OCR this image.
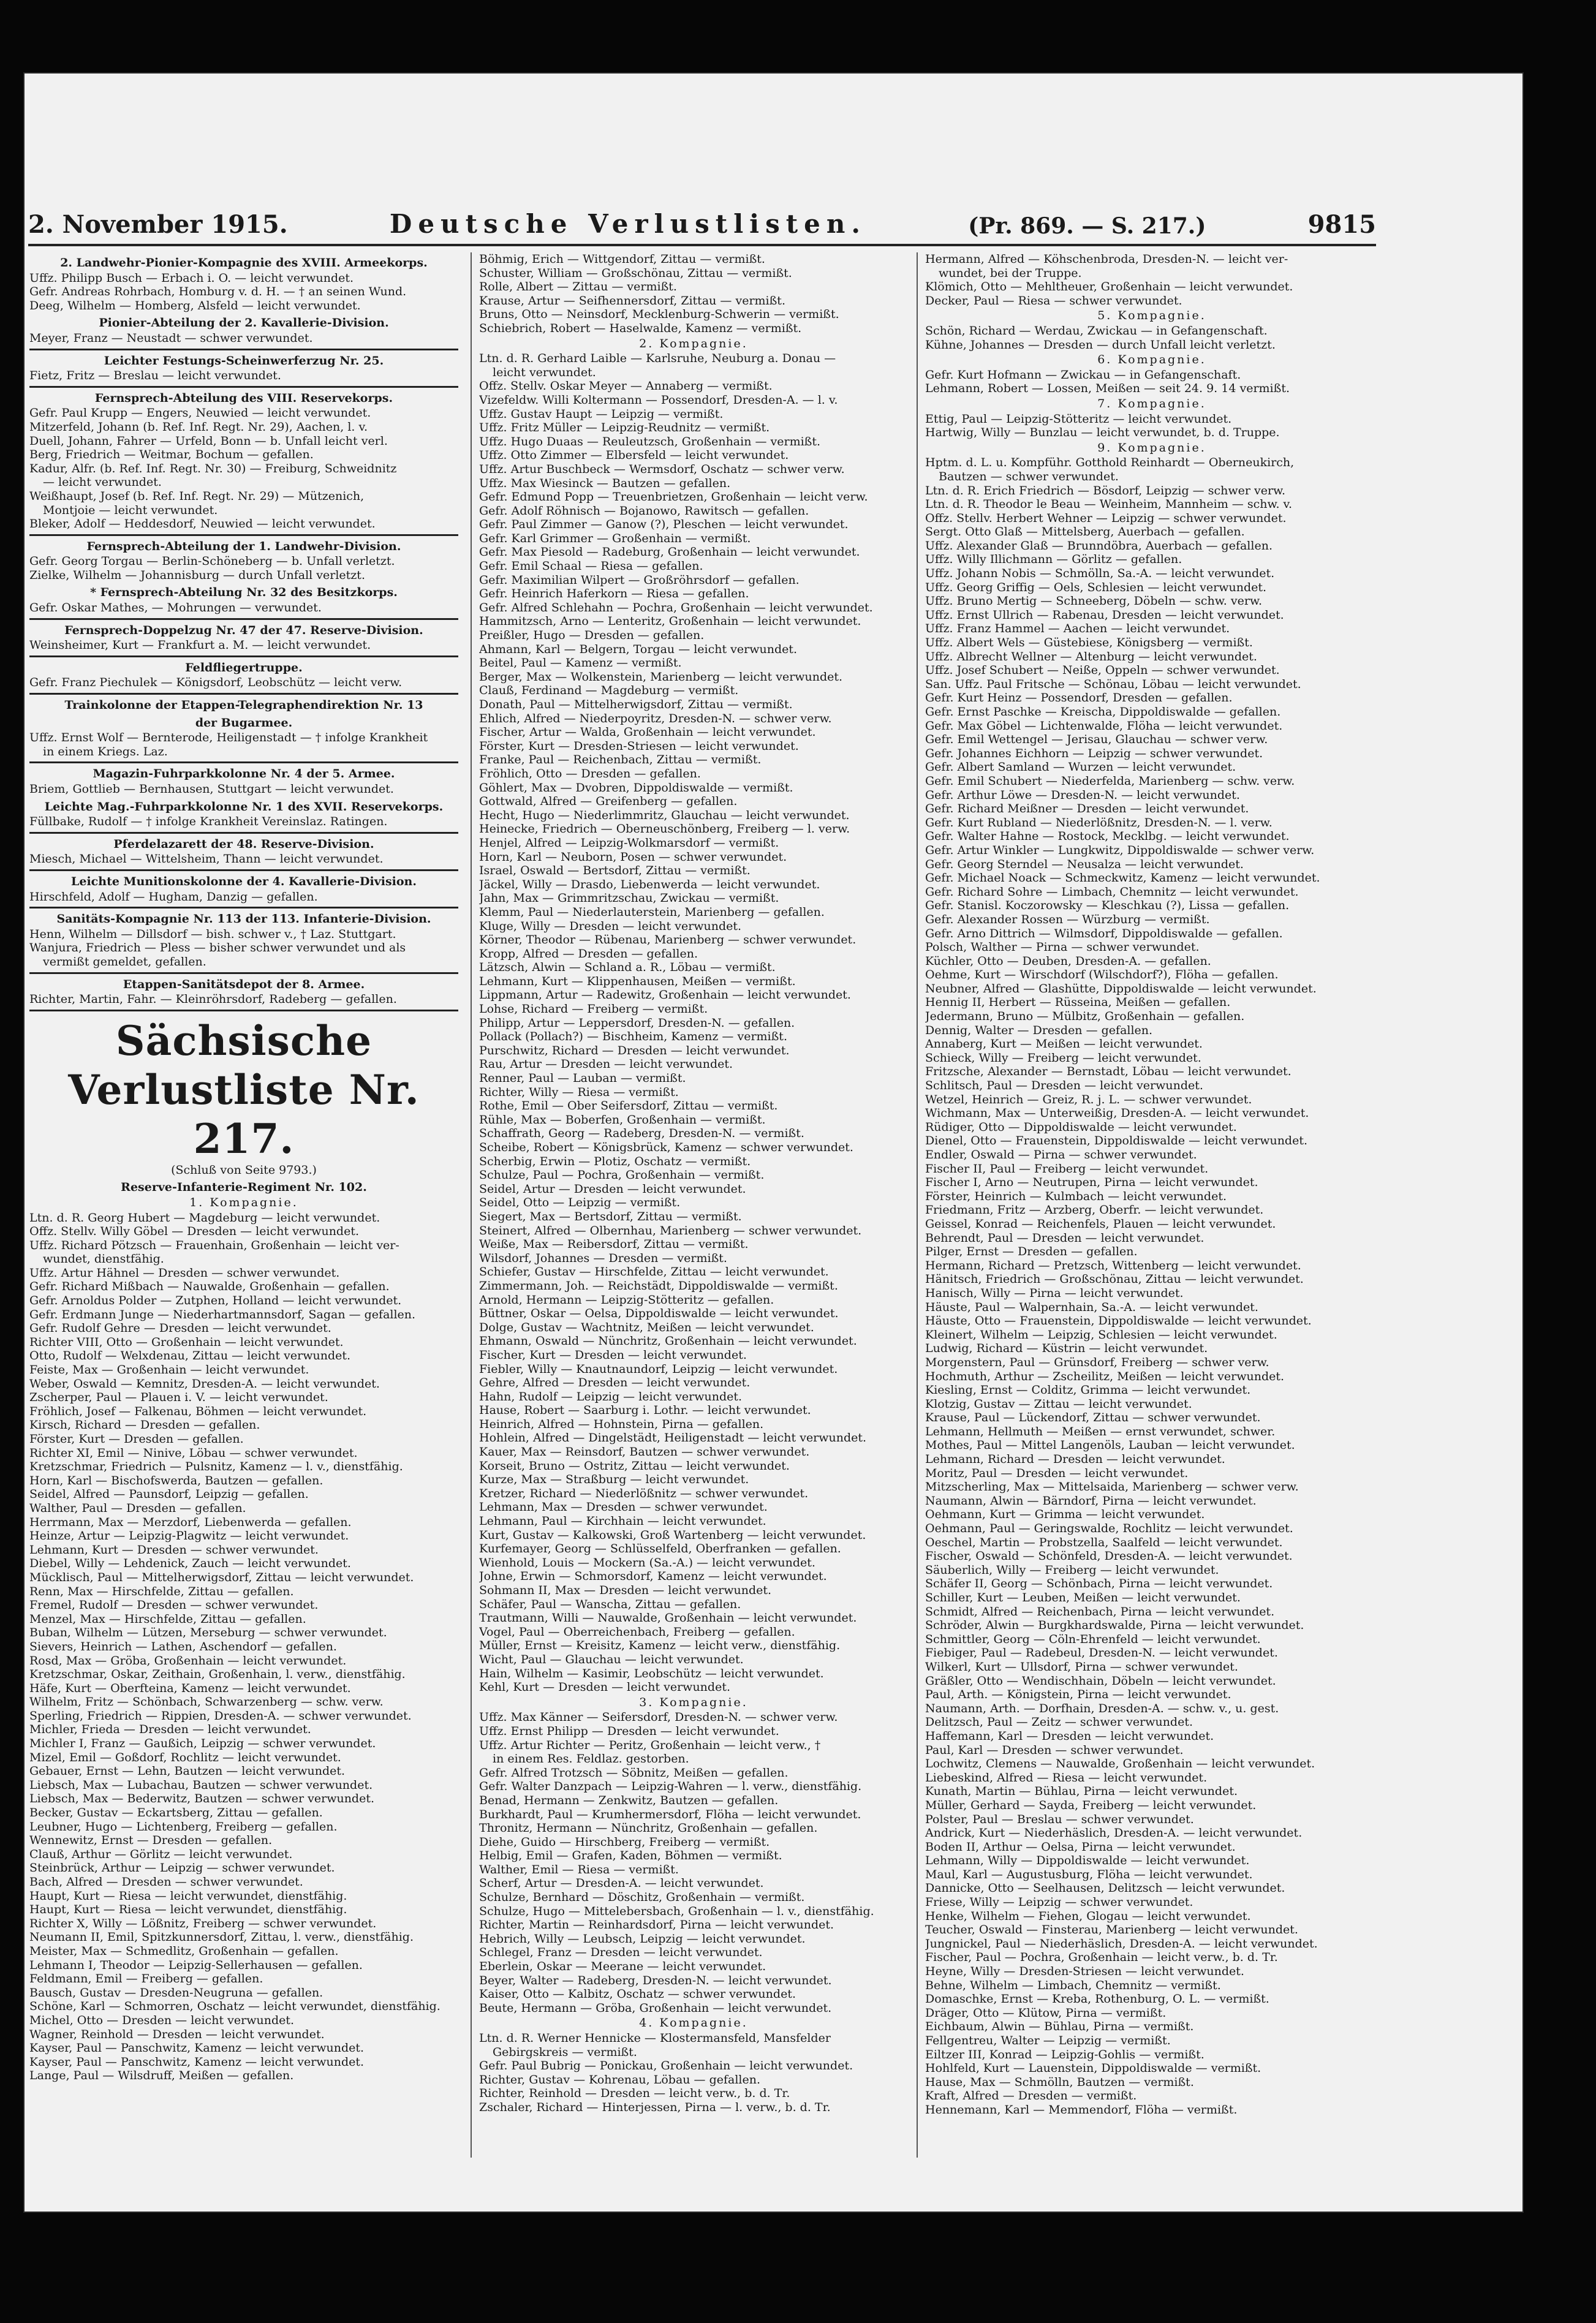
2. November 1915.	Deutsche Verlustlisten.	(Pr. 869. — S. 217.)	9815
2. Landwehr-Pionier-Kompagnie des XVIII. Armeekorps.
Uffz. Philipp Busch — Erbach i. O. — leicht verwundet.
Gefr. Andreas Rohrbach, Homburg v. d. H. — † an seinen Wund.
Deeg, Wilhelm — Homberg, Alsfeld — leicht verwundet.
Pionier-Abteilung der 2. Kavallerie-Division.
Meyer, Franz — Neustadt — schwer verwundet.
Leichter Festungs-Scheinwerferzug Nr. 25.
Fietz, Fritz — Breslau — leicht verwundet.
Fernsprech-Abteilung des VIII. Reservekorps.
Gefr. Paul Krupp — Engers, Neuwied — leicht verwundet.
Mitzerfeld, Johann (b. Ref. Inf. Regt. Nr. 29), Aachen, l. v.
Duell, Johann, Fahrer — Urfeld, Bonn — b. Unfall leicht verl.
Berg, Friedrich — Weitmar, Bochum — gefallen.
Kadur, Alfr. (b. Ref. Inf. Regt. Nr. 30) — Freiburg, Schweidnitz
— leicht verwundet.
Weißhaupt, Josef (b. Ref. Inf. Regt. Nr. 29) — Mützenich,
Montjoie — leicht verwundet.
Bleker, Adolf — Heddesdorf, Neuwied — leicht verwundet.
Fernsprech-Abteilung der 1. Landwehr-Division.
Gefr. Georg Torgau — Berlin-Schöneberg — b. Unfall verletzt.
Zielke, Wilhelm — Johannisburg — durch Unfall verletzt.
* Fernsprech-Abteilung Nr. 32 des Besitzkorps.
Gefr. Oskar Mathes, — Mohrungen — verwundet.
Fernsprech-Doppelzug Nr. 47 der 47. Reserve-Division.
Weinsheimer, Kurt — Frankfurt a. M. — leicht verwundet.
Feldfliegertruppe.
Gefr. Franz Piechulek — Königsdorf, Leobschütz — leicht verw.
Trainkolonne der Etappen-Telegraphendirektion Nr. 13
der Bugarmee.
Uffz. Ernst Wolf — Bernterode, Heiligenstadt — † infolge Krankheit
in einem Kriegs. Laz.
Magazin-Fuhrparkkolonne Nr. 4 der 5. Armee.
Briem, Gottlieb — Bernhausen, Stuttgart — leicht verwundet.
Leichte Mag.-Fuhrparkkolonne Nr. 1 des XVII. Reservekorps.
Füllbake, Rudolf — † infolge Krankheit Vereinslaz. Ratingen.
Pferdelazarett der 48. Reserve-Division.
Miesch, Michael — Wittelsheim, Thann — leicht verwundet.
Leichte Munitionskolonne der 4. Kavallerie-Division.
Hirschfeld, Adolf — Hugham, Danzig — gefallen.
Sanitäts-Kompagnie Nr. 113 der 113. Infanterie-Division.
Henn, Wilhelm — Dillsdorf — bish. schwer v., † Laz. Stuttgart.
Wanjura, Friedrich — Pless — bisher schwer verwundet und als
vermißt gemeldet, gefallen.
Etappen-Sanitätsdepot der 8. Armee.
Richter, Martin, Fahr. — Kleinröhrsdorf, Radeberg — gefallen.
Sächsische Verlustliste Nr. 217.
(Schluß von Seite 9793.)
Reserve-Infanterie-Regiment Nr. 102.
1. Kompagnie.
Ltn. d. R. Georg Hubert — Magdeburg — leicht verwundet.
Offz. Stellv. Willy Göbel — Dresden — leicht verwundet.
Uffz. Richard Pötzsch — Frauenhain, Großenhain — leicht ver-
wundet, dienstfähig.
Uffz. Artur Hähnel — Dresden — schwer verwundet.
Gefr. Richard Mißbach — Nauwalde, Großenhain — gefallen.
Gefr. Arnoldus Polder — Zutphen, Holland — leicht verwundet.
Gefr. Erdmann Junge — Niederhartmannsdorf, Sagan — gefallen.
Gefr. Rudolf Gehre — Dresden — leicht verwundet.
Richter VIII, Otto — Großenhain — leicht verwundet.
Otto, Rudolf — Welxdenau, Zittau — leicht verwundet.
Feiste, Max — Großenhain — leicht verwundet.
Weber, Oswald — Kemnitz, Dresden-A. — leicht verwundet.
Zscherper, Paul — Plauen i. V. — leicht verwundet.
Fröhlich, Josef — Falkenau, Böhmen — leicht verwundet.
Kirsch, Richard — Dresden — gefallen.
Förster, Kurt — Dresden — gefallen.
Richter XI, Emil — Ninive, Löbau — schwer verwundet.
Kretzschmar, Friedrich — Pulsnitz, Kamenz — l. v., dienstfähig.
Horn, Karl — Bischofswerda, Bautzen — gefallen.
Seidel, Alfred — Paunsdorf, Leipzig — gefallen.
Walther, Paul — Dresden — gefallen.
Herrmann, Max — Merzdorf, Liebenwerda — gefallen.
Heinze, Artur — Leipzig-Plagwitz — leicht verwundet.
Lehmann, Kurt — Dresden — schwer verwundet.
Diebel, Willy — Lehdenick, Zauch — leicht verwundet.
Mücklisch, Paul — Mittelherwigsdorf, Zittau — leicht verwundet.
Renn, Max — Hirschfelde, Zittau — gefallen.
Fremel, Rudolf — Dresden — schwer verwundet.
Menzel, Max — Hirschfelde, Zittau — gefallen.
Buban, Wilhelm — Lützen, Merseburg — schwer verwundet.
Sievers, Heinrich — Lathen, Aschendorf — gefallen.
Rosd, Max — Gröba, Großenhain — leicht verwundet.
Kretzschmar, Oskar, Zeithain, Großenhain, l. verw., dienstfähig.
Häfe, Kurt — Oberfteina, Kamenz — leicht verwundet.
Wilhelm, Fritz — Schönbach, Schwarzenberg — schw. verw.
Sperling, Friedrich — Rippien, Dresden-A. — schwer verwundet.
Michler, Frieda — Dresden — leicht verwundet.
Michler I, Franz — Gaußich, Leipzig — schwer verwundet.
Mizel, Emil — Goßdorf, Rochlitz — leicht verwundet.
Gebauer, Ernst — Lehn, Bautzen — leicht verwundet.
Liebsch, Max — Lubachau, Bautzen — schwer verwundet.
Liebsch, Max — Bederwitz, Bautzen — schwer verwundet.
Becker, Gustav — Eckartsberg, Zittau — gefallen.
Leubner, Hugo — Lichtenberg, Freiberg — gefallen.
Wennewitz, Ernst — Dresden — gefallen.
Clauß, Arthur — Görlitz — leicht verwundet.
Steinbrück, Arthur — Leipzig — schwer verwundet.
Bach, Alfred — Dresden — schwer verwundet.
Haupt, Kurt — Riesa — leicht verwundet, dienstfähig.
Haupt, Kurt — Riesa — leicht verwundet, dienstfähig.
Richter X, Willy — Lößnitz, Freiberg — schwer verwundet.
Neumann II, Emil, Spitzkunnersdorf, Zittau, l. verw., dienstfähig.
Meister, Max — Schmedlitz, Großenhain — gefallen.
Lehmann I, Theodor — Leipzig-Sellerhausen — gefallen.
Feldmann, Emil — Freiberg — gefallen.
Bausch, Gustav — Dresden-Neugruna — gefallen.
Schöne, Karl — Schmorren, Oschatz — leicht verwundet, dienstfähig.
Michel, Otto — Dresden — leicht verwundet.
Wagner, Reinhold — Dresden — leicht verwundet.
Kayser, Paul — Panschwitz, Kamenz — leicht verwundet.
Kayser, Paul — Panschwitz, Kamenz — leicht verwundet.
Lange, Paul — Wilsdruff, Meißen — gefallen.
Böhmig, Erich — Wittgendorf, Zittau — vermißt.
Schuster, William — Großschönau, Zittau — vermißt.
Rolle, Albert — Zittau — vermißt.
Krause, Artur — Seifhennersdorf, Zittau — vermißt.
Bruns, Otto — Neinsdorf, Mecklenburg-Schwerin — vermißt.
Schiebrich, Robert — Haselwalde, Kamenz — vermißt.
2. Kompagnie.
Ltn. d. R. Gerhard Laible — Karlsruhe, Neuburg a. Donau —
leicht verwundet.
Offz. Stellv. Oskar Meyer — Annaberg — vermißt.
Vizefeldw. Willi Koltermann — Possendorf, Dresden-A. — l. v.
Uffz. Gustav Haupt — Leipzig — vermißt.
Uffz. Fritz Müller — Leipzig-Reudnitz — vermißt.
Uffz. Hugo Duaas — Reuleutzsch, Großenhain — vermißt.
Uffz. Otto Zimmer — Elbersfeld — leicht verwundet.
Uffz. Artur Buschbeck — Wermsdorf, Oschatz — schwer verw.
Uffz. Max Wiesinck — Bautzen — gefallen.
Gefr. Edmund Popp — Treuenbrietzen, Großenhain — leicht verw.
Gefr. Adolf Röhnisch — Bojanowo, Rawitsch — gefallen.
Gefr. Paul Zimmer — Ganow (?), Pleschen — leicht verwundet.
Gefr. Karl Grimmer — Großenhain — vermißt.
Gefr. Max Piesold — Radeburg, Großenhain — leicht verwundet.
Gefr. Emil Schaal — Riesa — gefallen.
Gefr. Maximilian Wilpert — Großröhrsdorf — gefallen.
Gefr. Heinrich Haferkorn — Riesa — gefallen.
Gefr. Alfred Schlehahn — Pochra, Großenhain — leicht verwundet.
Hammitzsch, Arno — Lenteritz, Großenhain — leicht verwundet.
Preißler, Hugo — Dresden — gefallen.
Ahmann, Karl — Belgern, Torgau — leicht verwundet.
Beitel, Paul — Kamenz — vermißt.
Berger, Max — Wolkenstein, Marienberg — leicht verwundet.
Clauß, Ferdinand — Magdeburg — vermißt.
Donath, Paul — Mittelherwigsdorf, Zittau — vermißt.
Ehlich, Alfred — Niederpoyritz, Dresden-N. — schwer verw.
Fischer, Artur — Walda, Großenhain — leicht verwundet.
Förster, Kurt — Dresden-Striesen — leicht verwundet.
Franke, Paul — Reichenbach, Zittau — vermißt.
Fröhlich, Otto — Dresden — gefallen.
Göhlert, Max — Dvobren, Dippoldiswalde — vermißt.
Gottwald, Alfred — Greifenberg — gefallen.
Hecht, Hugo — Niederlimmritz, Glauchau — leicht verwundet.
Heinecke, Friedrich — Oberneuschönberg, Freiberg — l. verw.
Henjel, Alfred — Leipzig-Wolkmarsdorf — vermißt.
Horn, Karl — Neuborn, Posen — schwer verwundet.
Israel, Oswald — Bertsdorf, Zittau — vermißt.
Jäckel, Willy — Drasdo, Liebenwerda — leicht verwundet.
Jahn, Max — Grimmritzschau, Zwickau — vermißt.
Klemm, Paul — Niederlauterstein, Marienberg — gefallen.
Kluge, Willy — Dresden — leicht verwundet.
Körner, Theodor — Rübenau, Marienberg — schwer verwundet.
Kropp, Alfred — Dresden — gefallen.
Lätzsch, Alwin — Schland a. R., Löbau — vermißt.
Lehmann, Kurt — Klippenhausen, Meißen — vermißt.
Lippmann, Artur — Radewitz, Großenhain — leicht verwundet.
Lohse, Richard — Freiberg — vermißt.
Philipp, Artur — Leppersdorf, Dresden-N. — gefallen.
Pollack (Pollach?) — Bischheim, Kamenz — vermißt.
Purschwitz, Richard — Dresden — leicht verwundet.
Rau, Artur — Dresden — leicht verwundet.
Renner, Paul — Lauban — vermißt.
Richter, Willy — Riesa — vermißt.
Rothe, Emil — Ober Seifersdorf, Zittau — vermißt.
Rühle, Max — Boberfen, Großenhain — vermißt.
Schaffrath, Georg — Radeberg, Dresden-N. — vermißt.
Scheibe, Robert — Königsbrück, Kamenz — schwer verwundet.
Scherbig, Erwin — Plotiz, Oschatz — vermißt.
Schulze, Paul — Pochra, Großenhain — vermißt.
Seidel, Artur — Dresden — leicht verwundet.
Seidel, Otto — Leipzig — vermißt.
Siegert, Max — Bertsdorf, Zittau — vermißt.
Steinert, Alfred — Olbernhau, Marienberg — schwer verwundet.
Weiße, Max — Reibersdorf, Zittau — vermißt.
Wilsdorf, Johannes — Dresden — vermißt.
Schiefer, Gustav — Hirschfelde, Zittau — leicht verwundet.
Zimmermann, Joh. — Reichstädt, Dippoldiswalde — vermißt.
Arnold, Hermann — Leipzig-Stötteritz — gefallen.
Büttner, Oskar — Oelsa, Dippoldiswalde — leicht verwundet.
Dolge, Gustav — Wachtnitz, Meißen — leicht verwundet.
Ehmann, Oswald — Nünchritz, Großenhain — leicht verwundet.
Fischer, Kurt — Dresden — leicht verwundet.
Fiebler, Willy — Knautnaundorf, Leipzig — leicht verwundet.
Gehre, Alfred — Dresden — leicht verwundet.
Hahn, Rudolf — Leipzig — leicht verwundet.
Hause, Robert — Saarburg i. Lothr. — leicht verwundet.
Heinrich, Alfred — Hohnstein, Pirna — gefallen.
Hohlein, Alfred — Dingelstädt, Heiligenstadt — leicht verwundet.
Kauer, Max — Reinsdorf, Bautzen — schwer verwundet.
Korseit, Bruno — Ostritz, Zittau — leicht verwundet.
Kurze, Max — Straßburg — leicht verwundet.
Kretzer, Richard — Niederlößnitz — schwer verwundet.
Lehmann, Max — Dresden — schwer verwundet.
Lehmann, Paul — Kirchhain — leicht verwundet.
Kurt, Gustav — Kalkowski, Groß Wartenberg — leicht verwundet.
Kurfemayer, Georg — Schlüsselfeld, Oberfranken — gefallen.
Wienhold, Louis — Mockern (Sa.-A.) — leicht verwundet.
Johne, Erwin — Schmorsdorf, Kamenz — leicht verwundet.
Sohmann II, Max — Dresden — leicht verwundet.
Schäfer, Paul — Wanscha, Zittau — gefallen.
Trautmann, Willi — Nauwalde, Großenhain — leicht verwundet.
Vogel, Paul — Oberreichenbach, Freiberg — gefallen.
Müller, Ernst — Kreisitz, Kamenz — leicht verw., dienstfähig.
Wicht, Paul — Glauchau — leicht verwundet.
Hain, Wilhelm — Kasimir, Leobschütz — leicht verwundet.
Kehl, Kurt — Dresden — leicht verwundet.
3. Kompagnie.
Uffz. Max Känner — Seifersdorf, Dresden-N. — schwer verw.
Uffz. Ernst Philipp — Dresden — leicht verwundet.
Uffz. Artur Richter — Peritz, Großenhain — leicht verw., †
in einem Res. Feldlaz. gestorben.
Gefr. Alfred Trotzsch — Söbnitz, Meißen — gefallen.
Gefr. Walter Danzpach — Leipzig-Wahren — l. verw., dienstfähig.
Benad, Hermann — Zenkwitz, Bautzen — gefallen.
Burkhardt, Paul — Krumhermersdorf, Flöha — leicht verwundet.
Thronitz, Hermann — Nünchritz, Großenhain — gefallen.
Diehe, Guido — Hirschberg, Freiberg — vermißt.
Helbig, Emil — Grafen, Kaden, Böhmen — vermißt.
Walther, Emil — Riesa — vermißt.
Scherf, Artur — Dresden-A. — leicht verwundet.
Schulze, Bernhard — Döschitz, Großenhain — vermißt.
Schulze, Hugo — Mittelebersbach, Großenhain — l. v., dienstfähig.
Richter, Martin — Reinhardsdorf, Pirna — leicht verwundet.
Hebrich, Willy — Leubsch, Leipzig — leicht verwundet.
Schlegel, Franz — Dresden — leicht verwundet.
Eberlein, Oskar — Meerane — leicht verwundet.
Beyer, Walter — Radeberg, Dresden-N. — leicht verwundet.
Kaiser, Otto — Kalbitz, Oschatz — schwer verwundet.
Beute, Hermann — Gröba, Großenhain — leicht verwundet.
4. Kompagnie.
Ltn. d. R. Werner Hennicke — Klostermansfeld, Mansfelder
Gebirgskreis — vermißt.
Gefr. Paul Bubrig — Ponickau, Großenhain — leicht verwundet.
Richter, Gustav — Kohrenau, Löbau — gefallen.
Richter, Reinhold — Dresden — leicht verw., b. d. Tr.
Zschaler, Richard — Hinterjessen, Pirna — l. verw., b. d. Tr.
Hermann, Alfred — Köhschenbroda, Dresden-N. — leicht ver-
wundet, bei der Truppe.
Klömich, Otto — Mehltheuer, Großenhain — leicht verwundet.
Decker, Paul — Riesa — schwer verwundet.
5. Kompagnie.
Schön, Richard — Werdau, Zwickau — in Gefangenschaft.
Kühne, Johannes — Dresden — durch Unfall leicht verletzt.
6. Kompagnie.
Gefr. Kurt Hofmann — Zwickau — in Gefangenschaft.
Lehmann, Robert — Lossen, Meißen — seit 24. 9. 14 vermißt.
7. Kompagnie.
Ettig, Paul — Leipzig-Stötteritz — leicht verwundet.
Hartwig, Willy — Bunzlau — leicht verwundet, b. d. Truppe.
9. Kompagnie.
Hptm. d. L. u. Kompführ. Gotthold Reinhardt — Oberneukirch,
Bautzen — schwer verwundet.
Ltn. d. R. Erich Friedrich — Bösdorf, Leipzig — schwer verw.
Ltn. d. R. Theodor le Beau — Weinheim, Mannheim — schw. v.
Offz. Stellv. Herbert Wehner — Leipzig — schwer verwundet.
Sergt. Otto Glaß — Mittelsberg, Auerbach — gefallen.
Uffz. Alexander Glaß — Brunndöbra, Auerbach — gefallen.
Uffz. Willy Illichmann — Görlitz — gefallen.
Uffz. Johann Nobis — Schmölln, Sa.-A. — leicht verwundet.
Uffz. Georg Griffig — Oels, Schlesien — leicht verwundet.
Uffz. Bruno Mertig — Schneeberg, Döbeln — schw. verw.
Uffz. Ernst Ullrich — Rabenau, Dresden — leicht verwundet.
Uffz. Franz Hammel — Aachen — leicht verwundet.
Uffz. Albert Wels — Güstebiese, Königsberg — vermißt.
Uffz. Albrecht Wellner — Altenburg — leicht verwundet.
Uffz. Josef Schubert — Neiße, Oppeln — schwer verwundet.
San. Uffz. Paul Fritsche — Schönau, Löbau — leicht verwundet.
Gefr. Kurt Heinz — Possendorf, Dresden — gefallen.
Gefr. Ernst Paschke — Kreischa, Dippoldiswalde — gefallen.
Gefr. Max Göbel — Lichtenwalde, Flöha — leicht verwundet.
Gefr. Emil Wettengel — Jerisau, Glauchau — schwer verw.
Gefr. Johannes Eichhorn — Leipzig — schwer verwundet.
Gefr. Albert Samland — Wurzen — leicht verwundet.
Gefr. Emil Schubert — Niederfelda, Marienberg — schw. verw.
Gefr. Arthur Löwe — Dresden-N. — leicht verwundet.
Gefr. Richard Meißner — Dresden — leicht verwundet.
Gefr. Kurt Rubland — Niederlößnitz, Dresden-N. — l. verw.
Gefr. Walter Hahne — Rostock, Mecklbg. — leicht verwundet.
Gefr. Artur Winkler — Lungkwitz, Dippoldiswalde — schwer verw.
Gefr. Georg Sterndel — Neusalza — leicht verwundet.
Gefr. Michael Noack — Schmeckwitz, Kamenz — leicht verwundet.
Gefr. Richard Sohre — Limbach, Chemnitz — leicht verwundet.
Gefr. Stanisl. Koczorowsky — Kleschkau (?), Lissa — gefallen.
Gefr. Alexander Rossen — Würzburg — vermißt.
Gefr. Arno Dittrich — Wilmsdorf, Dippoldiswalde — gefallen.
Polsch, Walther — Pirna — schwer verwundet.
Küchler, Otto — Deuben, Dresden-A. — gefallen.
Oehme, Kurt — Wirschdorf (Wilschdorf?), Flöha — gefallen.
Neubner, Alfred — Glashütte, Dippoldiswalde — leicht verwundet.
Hennig II, Herbert — Rüsseina, Meißen — gefallen.
Jedermann, Bruno — Mülbitz, Großenhain — gefallen.
Dennig, Walter — Dresden — gefallen.
Annaberg, Kurt — Meißen — leicht verwundet.
Schieck, Willy — Freiberg — leicht verwundet.
Fritzsche, Alexander — Bernstadt, Löbau — leicht verwundet.
Schlitsch, Paul — Dresden — leicht verwundet.
Wetzel, Heinrich — Greiz, R. j. L. — schwer verwundet.
Wichmann, Max — Unterweißig, Dresden-A. — leicht verwundet.
Rüdiger, Otto — Dippoldiswalde — leicht verwundet.
Dienel, Otto — Frauenstein, Dippoldiswalde — leicht verwundet.
Endler, Oswald — Pirna — schwer verwundet.
Fischer II, Paul — Freiberg — leicht verwundet.
Fischer I, Arno — Neutrupen, Pirna — leicht verwundet.
Förster, Heinrich — Kulmbach — leicht verwundet.
Friedmann, Fritz — Arzberg, Oberfr. — leicht verwundet.
Geissel, Konrad — Reichenfels, Plauen — leicht verwundet.
Behrendt, Paul — Dresden — leicht verwundet.
Pilger, Ernst — Dresden — gefallen.
Hermann, Richard — Pretzsch, Wittenberg — leicht verwundet.
Hänitsch, Friedrich — Großschönau, Zittau — leicht verwundet.
Hanisch, Willy — Pirna — leicht verwundet.
Häuste, Paul — Walpernhain, Sa.-A. — leicht verwundet.
Häuste, Otto — Frauenstein, Dippoldiswalde — leicht verwundet.
Kleinert, Wilhelm — Leipzig, Schlesien — leicht verwundet.
Ludwig, Richard — Küstrin — leicht verwundet.
Morgenstern, Paul — Grünsdorf, Freiberg — schwer verw.
Hochmuth, Arthur — Zscheilitz, Meißen — leicht verwundet.
Kiesling, Ernst — Colditz, Grimma — leicht verwundet.
Klotzig, Gustav — Zittau — leicht verwundet.
Krause, Paul — Lückendorf, Zittau — schwer verwundet.
Lehmann, Hellmuth — Meißen — ernst verwundet, schwer.
Mothes, Paul — Mittel Langenöls, Lauban — leicht verwundet.
Lehmann, Richard — Dresden — leicht verwundet.
Moritz, Paul — Dresden — leicht verwundet.
Mitzscherling, Max — Mittelsaida, Marienberg — schwer verw.
Naumann, Alwin — Bärndorf, Pirna — leicht verwundet.
Oehmann, Kurt — Grimma — leicht verwundet.
Oehmann, Paul — Geringswalde, Rochlitz — leicht verwundet.
Oeschel, Martin — Probstzella, Saalfeld — leicht verwundet.
Fischer, Oswald — Schönfeld, Dresden-A. — leicht verwundet.
Säuberlich, Willy — Freiberg — leicht verwundet.
Schäfer II, Georg — Schönbach, Pirna — leicht verwundet.
Schiller, Kurt — Leuben, Meißen — leicht verwundet.
Schmidt, Alfred — Reichenbach, Pirna — leicht verwundet.
Schröder, Alwin — Burgkhardswalde, Pirna — leicht verwundet.
Schmittler, Georg — Cöln-Ehrenfeld — leicht verwundet.
Fiebiger, Paul — Radebeul, Dresden-N. — leicht verwundet.
Wilkerl, Kurt — Ullsdorf, Pirna — schwer verwundet.
Gräßler, Otto — Wendischhain, Döbeln — leicht verwundet.
Paul, Arth. — Königstein, Pirna — leicht verwundet.
Naumann, Arth. — Dorfhain, Dresden-A. — schw. v., u. gest.
Delitzsch, Paul — Zeitz — schwer verwundet.
Haffemann, Karl — Dresden — leicht verwundet.
Paul, Karl — Dresden — schwer verwundet.
Lochwitz, Clemens — Nauwalde, Großenhain — leicht verwundet.
Liebeskind, Alfred — Riesa — leicht verwundet.
Kunath, Martin — Bühlau, Pirna — leicht verwundet.
Müller, Gerhard — Sayda, Freiberg — leicht verwundet.
Polster, Paul — Breslau — schwer verwundet.
Andrick, Kurt — Niederhäslich, Dresden-A. — leicht verwundet.
Boden II, Arthur — Oelsa, Pirna — leicht verwundet.
Lehmann, Willy — Dippoldiswalde — leicht verwundet.
Maul, Karl — Augustusburg, Flöha — leicht verwundet.
Dannicke, Otto — Seelhausen, Delitzsch — leicht verwundet.
Friese, Willy — Leipzig — schwer verwundet.
Henke, Wilhelm — Fiehen, Glogau — leicht verwundet.
Teucher, Oswald — Finsterau, Marienberg — leicht verwundet.
Jungnickel, Paul — Niederhäslich, Dresden-A. — leicht verwundet.
Fischer, Paul — Pochra, Großenhain — leicht verw., b. d. Tr.
Heyne, Willy — Dresden-Striesen — leicht verwundet.
Behne, Wilhelm — Limbach, Chemnitz — vermißt.
Domaschke, Ernst — Kreba, Rothenburg, O. L. — vermißt.
Dräger, Otto — Klütow, Pirna — vermißt.
Eichbaum, Alwin — Bühlau, Pirna — vermißt.
Fellgentreu, Walter — Leipzig — vermißt.
Eiltzer III, Konrad — Leipzig-Gohlis — vermißt.
Hohlfeld, Kurt — Lauenstein, Dippoldiswalde — vermißt.
Hause, Max — Schmölln, Bautzen — vermißt.
Kraft, Alfred — Dresden — vermißt.
Hennemann, Karl — Memmendorf, Flöha — vermißt.
